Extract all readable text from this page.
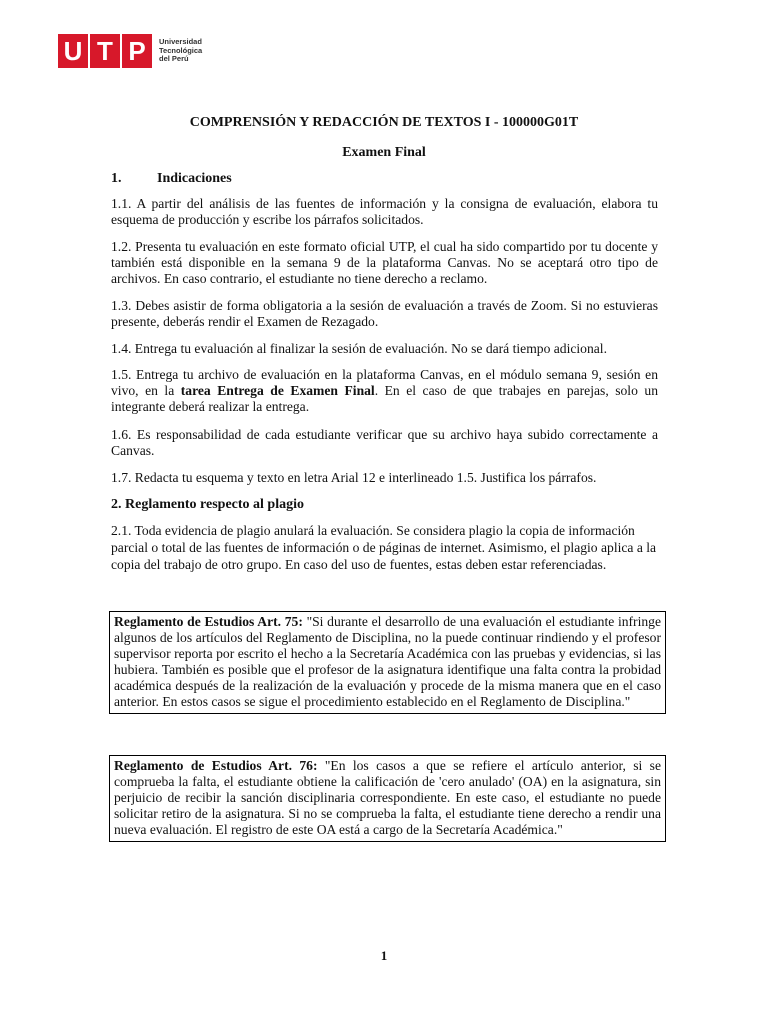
U T P	Universidad
Tecnológica
del Perú
COMPRENSIÓN Y REDACCIÓN DE TEXTOS I - 100000G01T
Examen Final
1.	Indicaciones

1.1. A partir del análisis de las fuentes de información y la consigna de evaluación, elabora tu esquema de producción y escribe los párrafos solicitados.

1.2. Presenta tu evaluación en este formato oficial UTP, el cual ha sido compartido por tu docente y también está disponible en la semana 9 de la plataforma Canvas. No se aceptará otro tipo de archivos. En caso contrario, el estudiante no tiene derecho a reclamo.

1.3. Debes asistir de forma obligatoria a la sesión de evaluación a través de Zoom. Si no estuvieras presente, deberás rendir el Examen de Rezagado.

1.4. Entrega tu evaluación al finalizar la sesión de evaluación. No se dará tiempo adicional.

1.5. Entrega tu archivo de evaluación en la plataforma Canvas, en el módulo semana 9, sesión en vivo, en la tarea Entrega de Examen Final. En el caso de que trabajes en parejas, solo un integrante deberá realizar la entrega.

1.6. Es responsabilidad de cada estudiante verificar que su archivo haya subido correctamente a Canvas.

1.7. Redacta tu esquema y texto en letra Arial 12 e interlineado 1.5. Justifica los párrafos.

2. Reglamento respecto al plagio

2.1. Toda evidencia de plagio anulará la evaluación. Se considera plagio la copia de información parcial o total de las fuentes de información o de páginas de internet. Asimismo, el plagio aplica a la copia del trabajo de otro grupo. En caso del uso de fuentes, estas deben estar referenciadas.

Reglamento de Estudios Art. 75: "Si durante el desarrollo de una evaluación el estudiante infringe algunos de los artículos del Reglamento de Disciplina, no la puede continuar rindiendo y el profesor supervisor reporta por escrito el hecho a la Secretaría Académica con las pruebas y evidencias, si las hubiera. También es posible que el profesor de la asignatura identifique una falta contra la probidad académica después de la realización de la evaluación y procede de la misma manera que en el caso anterior. En estos casos se sigue el procedimiento establecido en el Reglamento de Disciplina."
Reglamento de Estudios Art. 76: "En los casos a que se refiere el artículo anterior, si se comprueba la falta, el estudiante obtiene la calificación de 'cero anulado' (OA) en la asignatura, sin perjuicio de recibir la sanción disciplinaria correspondiente. En este caso, el estudiante no puede solicitar retiro de la asignatura. Si no se comprueba la falta, el estudiante tiene derecho a rendir una nueva evaluación. El registro de este OA está a cargo de la Secretaría Académica."
1
